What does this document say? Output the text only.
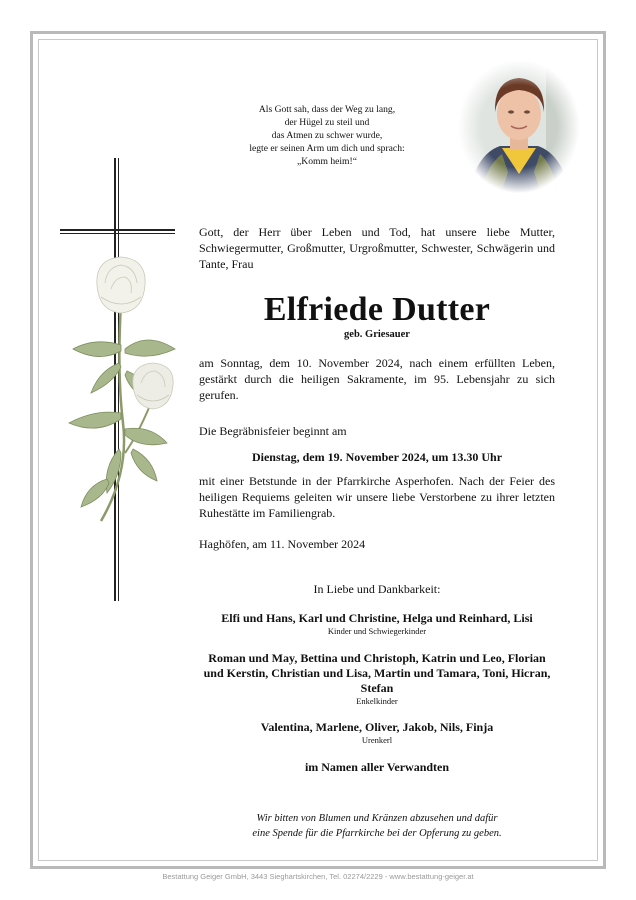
Als Gott sah, dass der Weg zu lang,
der Hügel zu steil und
das Atmen zu schwer wurde,
legte er seinen Arm um dich und sprach:
„Komm heim!“
Gott, der Herr über Leben und Tod, hat unsere liebe Mutter, Schwiegermutter, Großmutter, Urgroßmutter, Schwester, Schwägerin und Tante, Frau
Elfriede Dutter
geb. Griesauer
am Sonntag, dem 10. November 2024, nach einem erfüllten Leben, gestärkt durch die heiligen Sakramente, im 95. Lebensjahr zu sich gerufen.
Die Begräbnisfeier beginnt am
Dienstag, dem 19. November 2024, um 13.30 Uhr
mit einer Betstunde in der Pfarrkirche Asperhofen. Nach der Feier des heiligen Requiems geleiten wir unsere liebe Verstorbene zu ihrer letzten Ruhestätte im Familiengrab.
Haghöfen, am 11. November 2024
In Liebe und Dankbarkeit:
Elfi und Hans, Karl und Christine, Helga und Reinhard, Lisi
Kinder und Schwiegerkinder
Roman und May, Bettina und Christoph, Katrin und Leo, Florian und Kerstin, Christian und Lisa, Martin und Tamara, Toni, Hicran, Stefan
Enkelkinder
Valentina, Marlene, Oliver, Jakob, Nils, Finja
Urenkerl
im Namen aller Verwandten
Wir bitten von Blumen und Kränzen abzusehen und dafür
eine Spende für die Pfarrkirche bei der Opferung zu geben.
Bestattung Geiger GmbH, 3443 Sieghartskirchen, Tel. 02274/2229 - www.bestattung-geiger.at
